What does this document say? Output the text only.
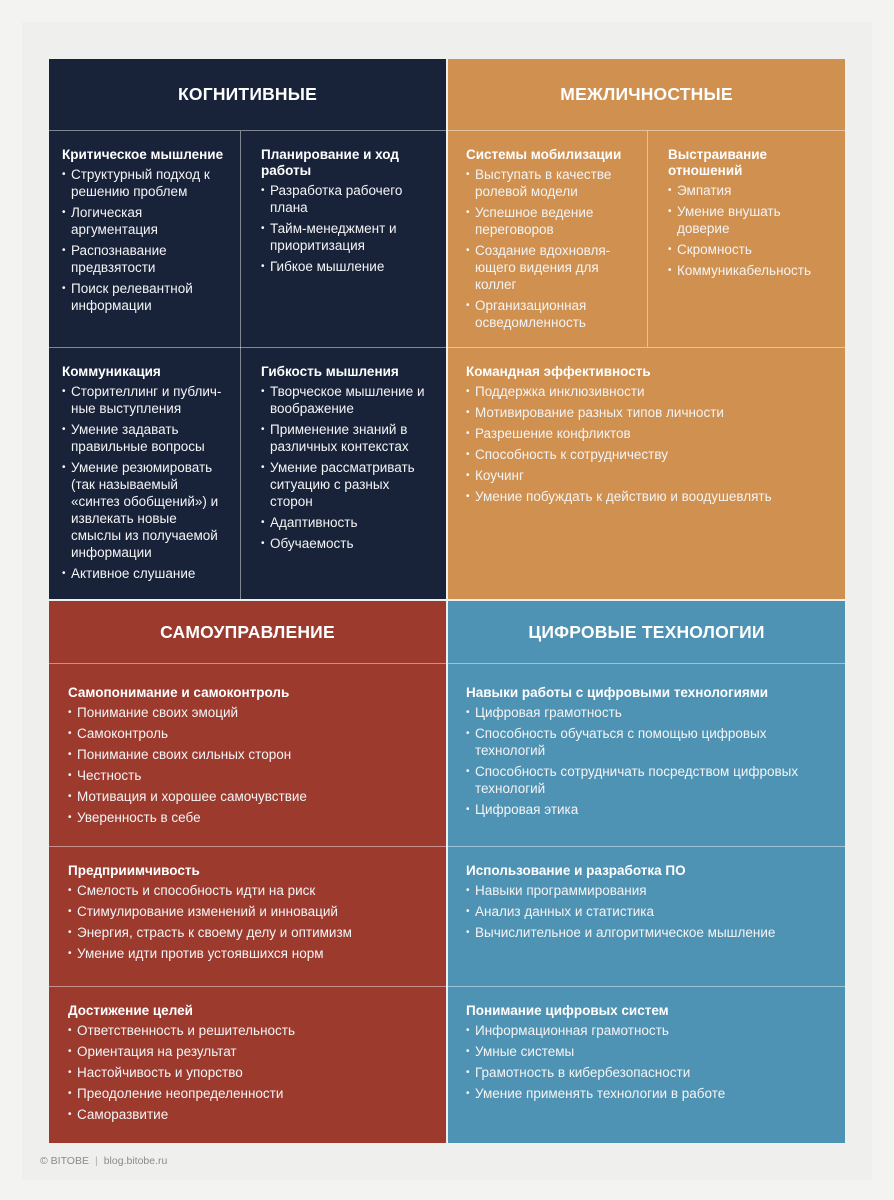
КОГНИТИВНЫЕ
Критическое мышление
• Структурный подход к решению проблем
• Логическая аргументация
• Распознавание предвзятости
• Поиск релевантной информации
Планирование и ход работы
• Разработка рабочего плана
• Тайм-менеджмент и приоритизация
• Гибкое мышление
Коммуникация
• Сторителлинг и публич-ные выступления
• Умение задавать правильные вопросы
• Умение резюмировать (так называемый «синтез обобщений») и извлекать новые смыслы из получаемой информации
• Активное слушание
Гибкость мышления
• Творческое мышление и воображение
• Применение знаний в различных контекстах
• Умение рассматривать ситуацию с разных сторон
• Адаптивность
• Обучаемость
МЕЖЛИЧНОСТНЫЕ
Системы мобилизации
• Выступать в качестве ролевой модели
• Успешное ведение переговоров
• Создание вдохновля-ющего видения для коллег
• Организационная осведомленность
Выстраивание отношений
• Эмпатия
• Умение внушать доверие
• Скромность
• Коммуникабельность
Командная эффективность
• Поддержка инклюзивности
• Мотивирование разных типов личности
• Разрешение конфликтов
• Способность к сотрудничеству
• Коучинг
• Умение побуждать к действию и воодушевлять
САМОУПРАВЛЕНИЕ
Самопонимание и самоконтроль
• Понимание своих эмоций
• Самоконтроль
• Понимание своих сильных сторон
• Честность
• Мотивация и хорошее самочувствие
• Уверенность в себе
Предприимчивость
• Смелость и способность идти на риск
• Стимулирование изменений и инноваций
• Энергия, страсть к своему делу и оптимизм
• Умение идти против устоявшихся норм
Достижение целей
• Ответственность и решительность
• Ориентация на результат
• Настойчивость и упорство
• Преодоление неопределенности
• Саморазвитие
ЦИФРОВЫЕ ТЕХНОЛОГИИ
Навыки работы с цифровыми технологиями
• Цифровая грамотность
• Способность обучаться с помощью цифровых технологий
• Способность сотрудничать посредством цифровых технологий
• Цифровая этика
Использование и разработка ПО
• Навыки программирования
• Анализ данных и статистика
• Вычислительное и алгоритмическое мышление
Понимание цифровых систем
• Информационная грамотность
• Умные системы
• Грамотность в кибербезопасности
• Умение применять технологии в работе
© BITOBE | blog.bitobe.ru
